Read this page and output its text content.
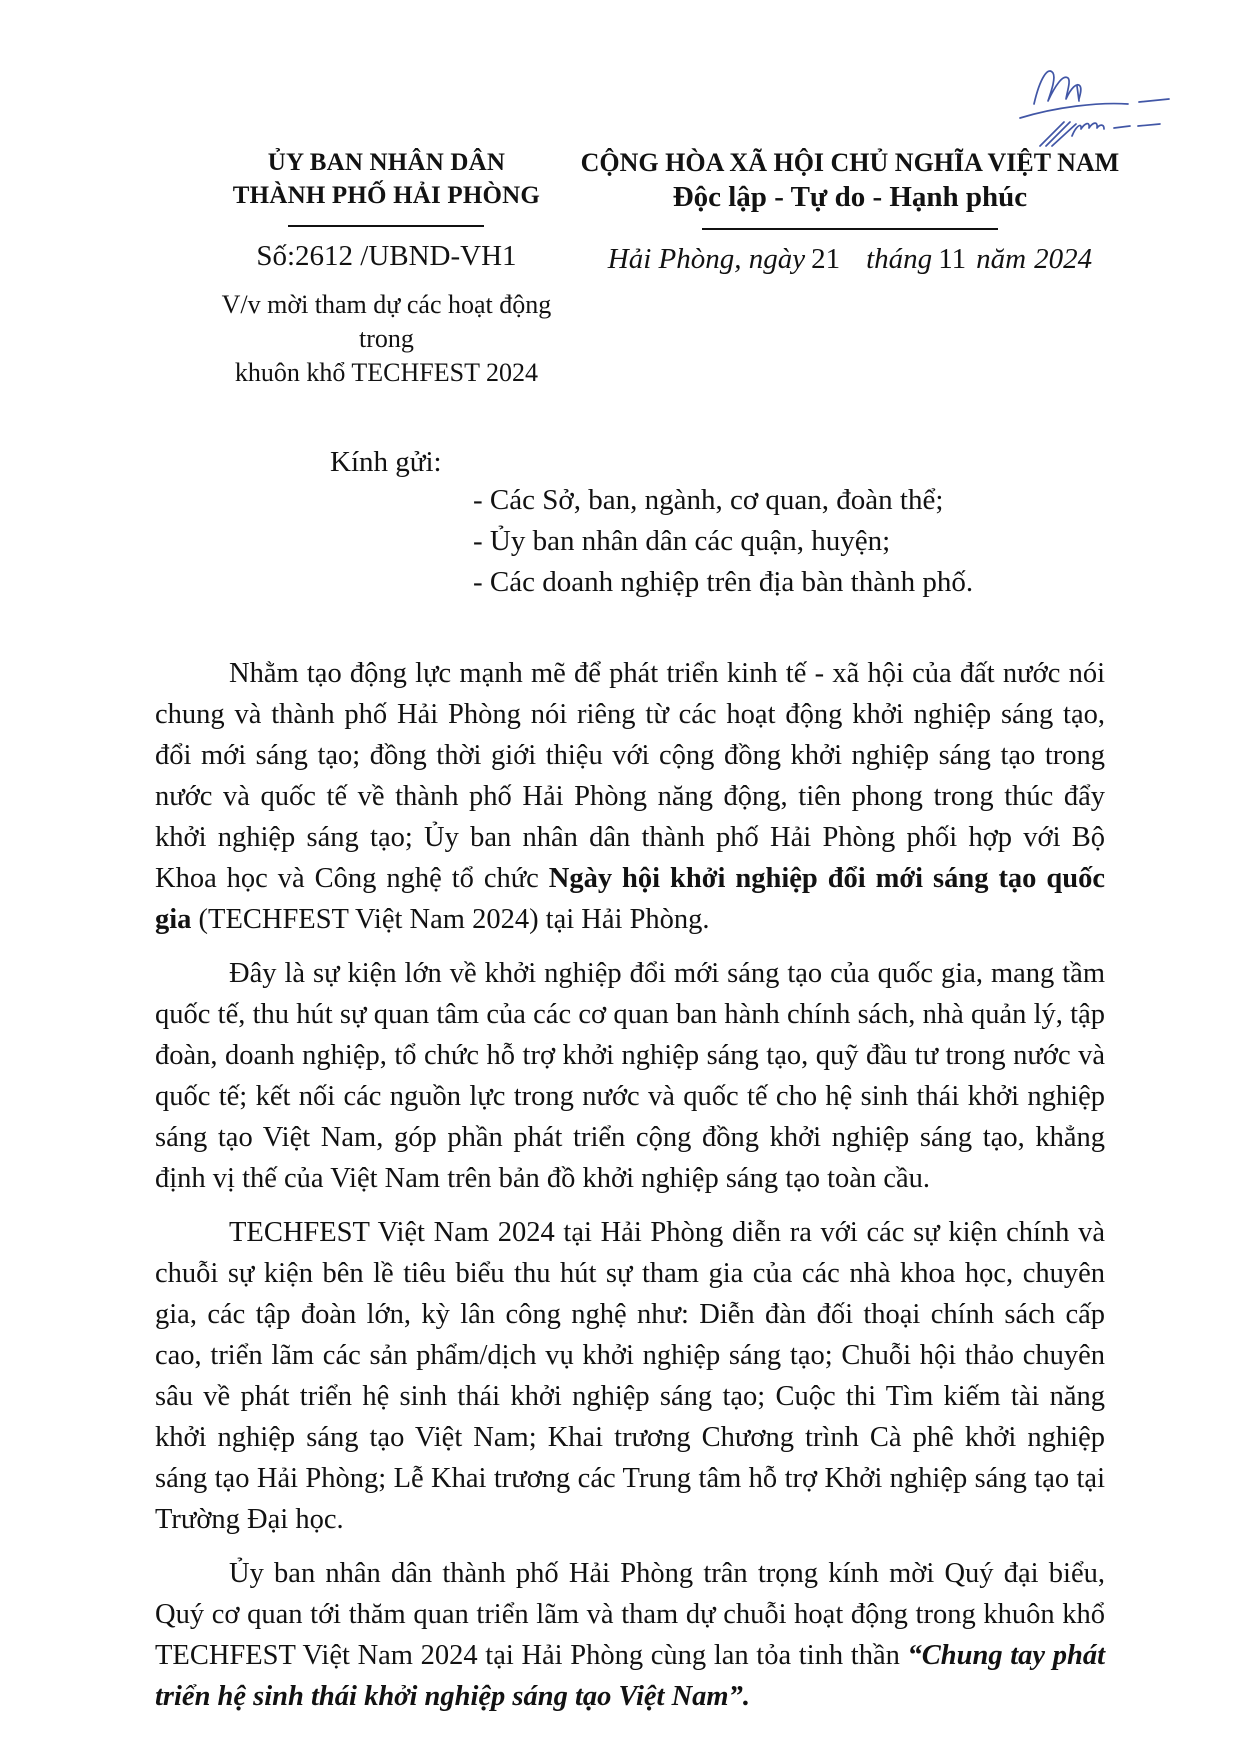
ỦY BAN NHÂN DÂN
THÀNH PHỐ HẢI PHÒNG
Số:2612 /UBND-VH1
V/v mời tham dự các hoạt động trong
khuôn khổ TECHFEST 2024
CỘNG HÒA XÃ HỘI CHỦ NGHĨA VIỆT NAM
Độc lập - Tự do - Hạnh phúc
Hải Phòng, ngày 21 tháng 11 năm 2024
Kính gửi:
- Các Sở, ban, ngành, cơ quan, đoàn thể;
- Ủy ban nhân dân các quận, huyện;
- Các doanh nghiệp trên địa bàn thành phố.

Nhằm tạo động lực mạnh mẽ để phát triển kinh tế - xã hội của đất nước nói chung và thành phố Hải Phòng nói riêng từ các hoạt động khởi nghiệp sáng tạo, đổi mới sáng tạo; đồng thời giới thiệu với cộng đồng khởi nghiệp sáng tạo trong nước và quốc tế về thành phố Hải Phòng năng động, tiên phong trong thúc đẩy khởi nghiệp sáng tạo; Ủy ban nhân dân thành phố Hải Phòng phối hợp với Bộ Khoa học và Công nghệ tổ chức Ngày hội khởi nghiệp đổi mới sáng tạo quốc gia (TECHFEST Việt Nam 2024) tại Hải Phòng.

Đây là sự kiện lớn về khởi nghiệp đổi mới sáng tạo của quốc gia, mang tầm quốc tế, thu hút sự quan tâm của các cơ quan ban hành chính sách, nhà quản lý, tập đoàn, doanh nghiệp, tổ chức hỗ trợ khởi nghiệp sáng tạo, quỹ đầu tư trong nước và quốc tế; kết nối các nguồn lực trong nước và quốc tế cho hệ sinh thái khởi nghiệp sáng tạo Việt Nam, góp phần phát triển cộng đồng khởi nghiệp sáng tạo, khẳng định vị thế của Việt Nam trên bản đồ khởi nghiệp sáng tạo toàn cầu.

TECHFEST Việt Nam 2024 tại Hải Phòng diễn ra với các sự kiện chính và chuỗi sự kiện bên lề tiêu biểu thu hút sự tham gia của các nhà khoa học, chuyên gia, các tập đoàn lớn, kỳ lân công nghệ như: Diễn đàn đối thoại chính sách cấp cao, triển lãm các sản phẩm/dịch vụ khởi nghiệp sáng tạo; Chuỗi hội thảo chuyên sâu về phát triển hệ sinh thái khởi nghiệp sáng tạo; Cuộc thi Tìm kiếm tài năng khởi nghiệp sáng tạo Việt Nam; Khai trương Chương trình Cà phê khởi nghiệp sáng tạo Hải Phòng; Lễ Khai trương các Trung tâm hỗ trợ Khởi nghiệp sáng tạo tại Trường Đại học.

Ủy ban nhân dân thành phố Hải Phòng trân trọng kính mời Quý đại biểu, Quý cơ quan tới thăm quan triển lãm và tham dự chuỗi hoạt động trong khuôn khổ TECHFEST Việt Nam 2024 tại Hải Phòng cùng lan tỏa tinh thần “Chung tay phát triển hệ sinh thái khởi nghiệp sáng tạo Việt Nam”.
